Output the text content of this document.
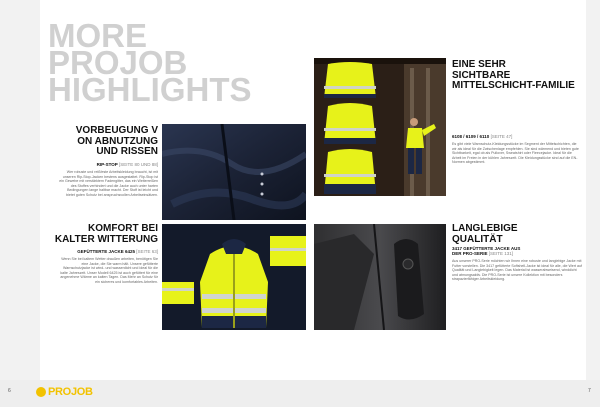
MORE
PROJOB
HIGHLIGHTS
VORBEUGUNG V
ON ABNUTZUNG
UND RISSEN
RIP-STOP [SEITE 80 UND 88]
Wer robuste und reißfeste Arbeitskleidung braucht, ist mit unseren Rip-Stop-Jacken bestens ausgestattet. Rip-Stop ist ein Gewebe mit verstärktem Fadengitter, das ein Weiterreißen des Stoffes verhindert und die Jacke auch unter harten Bedingungen lange haltbar macht. Der Stoff ist leicht und bietet guten Schutz bei anspruchsvollen Arbeitseinsätzen.
KOMFORT BEI
KALTER WITTERUNG
GEFÜTTERTE JACKE 6425 [SEITE 63]
Wenn Sie bei kaltem Wetter draußen arbeiten, benötigen Sie eine Jacke, die Sie warm hält. Unsere gefütterte Warnschutzjacke ist wind- und wasserdicht und ideal für die kalte Jahreszeit. Unser Modell 6425 ist auch gefüttert für eine angenehme Wärme an kalten Tagen. Das Mehr an Schutz für ein sicheres und komfortables Arbeiten.
EINE SEHR
SICHTBARE
MITTELSCHICHT-FAMILIE
6108 / 6109 / 6110 [SEITE 47]
Es gibt viele Warnschutz-Kleidungsstücke im Segment der Mittelschichten, die wir als ideal für die Zwischenlage empfehlen. Sie sind wärmend und bieten gute Sichtbarkeit, egal ob als Pullover, Sweatshirt oder Fleecejacke. Ideal für die Arbeit im Freien in der kühlen Jahreszeit. Die Kleidungsstücke sind auf die EN-Normen abgestimmt.
LANGLEBIGE
QUALITÄT
3417 GEFÜTTERTE JACKE AUS
DER PRO-SERIE [SEITE 131]
Aus unserer PRO-Serie möchten wir Ihnen eine robuste und langlebige Jacke mit Futter vorstellen. Die 3417 gefütterte Softshell-Jacke ist ideal für alle, die Wert auf Qualität und Langlebigkeit legen. Das Material ist wasserabweisend, winddicht und atmungsaktiv. Die PRO-Serie ist unsere Kollektion mit besonders strapazierfähiger Arbeitskleidung.
6	7
PROJOB
